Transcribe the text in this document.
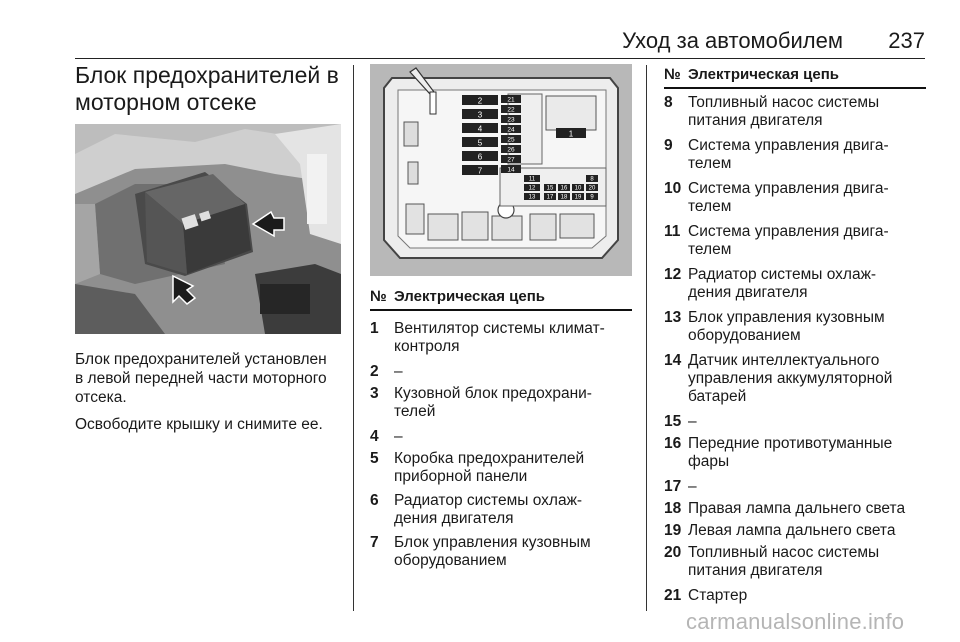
Уход за автомобилем 237
Блок предохранителей в
моторном отсеке

Блок предохранителей установлен
в левой передней части моторного
отсека.

Освободите крышку и снимите ее.

2
3
4
5
6
7
21
22
23
24
25
26
27
14
1
11
12
13
15 16 10
17 18 19
20
9
8
№ Электрическая цепь
1 Вентилятор системы климат-
контроля
2 –
3 Кузовной блок предохрани-
телей
4 –
5 Коробка предохранителей
приборной панели
6 Радиатор системы охлаж-
дения двигателя
7 Блок управления кузовным
оборудованием
№ Электрическая цепь
8 Топливный насос системы
питания двигателя
9 Система управления двига-
телем
10 Система управления двига-
телем
11 Система управления двига-
телем
12 Радиатор системы охлаж-
дения двигателя
13 Блок управления кузовным
оборудованием
14 Датчик интеллектуального
управления аккумуляторной
батарей
15 –
16 Передние противотуманные
фары
17 –
18 Правая лампа дальнего света
19 Левая лампа дальнего света
20 Топливный насос системы
питания двигателя
21 Стартер
carmanualsonline.info
